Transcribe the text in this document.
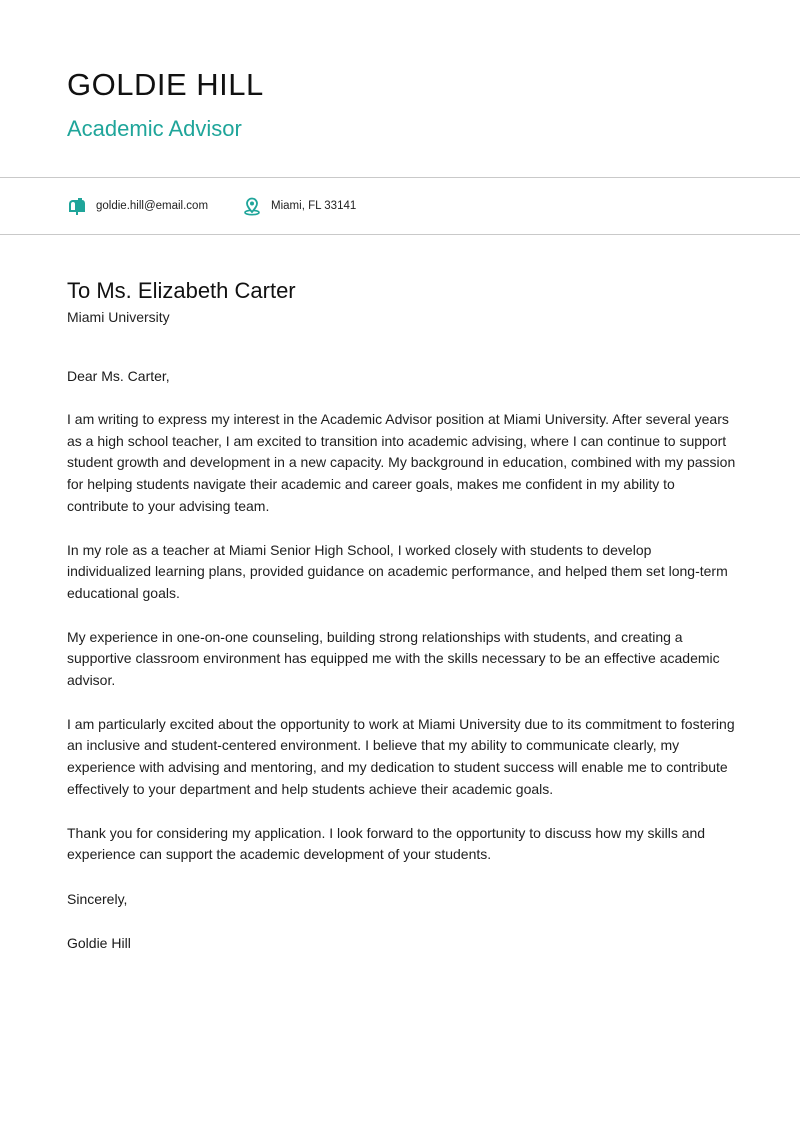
GOLDIE HILL
Academic Advisor
goldie.hill@email.com	Miami, FL 33141

To Ms. Elizabeth Carter

Miami University

Dear Ms. Carter,

I am writing to express my interest in the Academic Advisor position at Miami University. After several years as a high school teacher, I am excited to transition into academic advising, where I can continue to support student growth and development in a new capacity. My background in education, combined with my passion for helping students navigate their academic and career goals, makes me confident in my ability to contribute to your advising team.

In my role as a teacher at Miami Senior High School, I worked closely with students to develop individualized learning plans, provided guidance on academic performance, and helped them set long-term educational goals.

My experience in one-on-one counseling, building strong relationships with students, and creating a supportive classroom environment has equipped me with the skills necessary to be an effective academic advisor.

I am particularly excited about the opportunity to work at Miami University due to its commitment to fostering an inclusive and student-centered environment. I believe that my ability to communicate clearly, my experience with advising and mentoring, and my dedication to student success will enable me to contribute effectively to your department and help students achieve their academic goals.

Thank you for considering my application. I look forward to the opportunity to discuss how my skills and experience can support the academic development of your students.

Sincerely,

Goldie Hill
